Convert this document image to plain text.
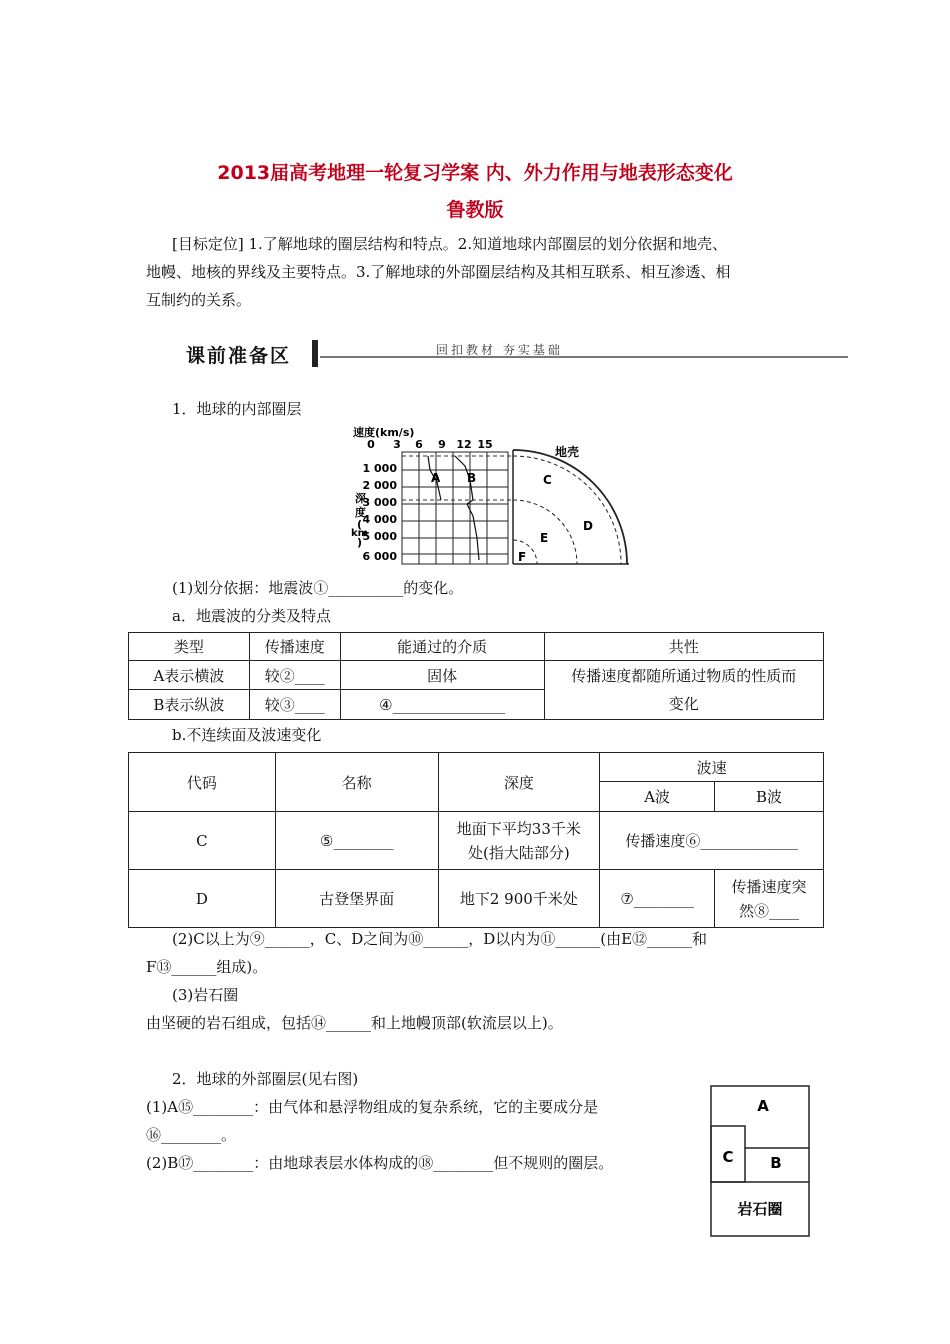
2013届高考地理一轮复习学案 内、外力作用与地表形态变化
鲁教版
[目标定位] 1.了解地球的圈层结构和特点。2.知道地球内部圈层的划分依据和地壳、
地幔、地核的界线及主要特点。3.了解地球的外部圈层结构及其相互联系、相互渗透、相
互制约的关系。
课前准备区	回扣教材 夯实基础
1．地球的内部圈层
速度(km/s)
0 3 6 9 12 15
1 000
2 000
3 000
4 000
5 000
6 000
深
度
(
km
)
A B
地壳
C
D
E
F
(1)划分依据：地震波①__________的变化。
a．地震波的分类及特点
类型	传播速度	能通过的介质	共性
A表示横波	较②____	固体	传播速度都随所通过物质的性质而
变化

B表示纵波	较③____	④_______________	
b.不连续面及波速变化
代码	名称	深度	波速	
			A波	B波
C	⑤________	地面下平均33千米
处(指大陆部分)	传播速度⑥_____________	
D	古登堡界面	地下2 900千米处	⑦________	传播速度突
然⑧____
(2)C以上为⑨______，C、D之间为⑩______，D以内为⑪______(由E⑫______和
F⑬______组成)。
(3)岩石圈
由坚硬的岩石组成，包括⑭______和上地幔顶部(软流层以上)。
2．地球的外部圈层(见右图)
(1)A⑮________：由气体和悬浮物组成的复杂系统，它的主要成分是
⑯________。
(2)B⑰________：由地球表层水体构成的⑱________但不规则的圈层。
A
B
C
岩石圈
